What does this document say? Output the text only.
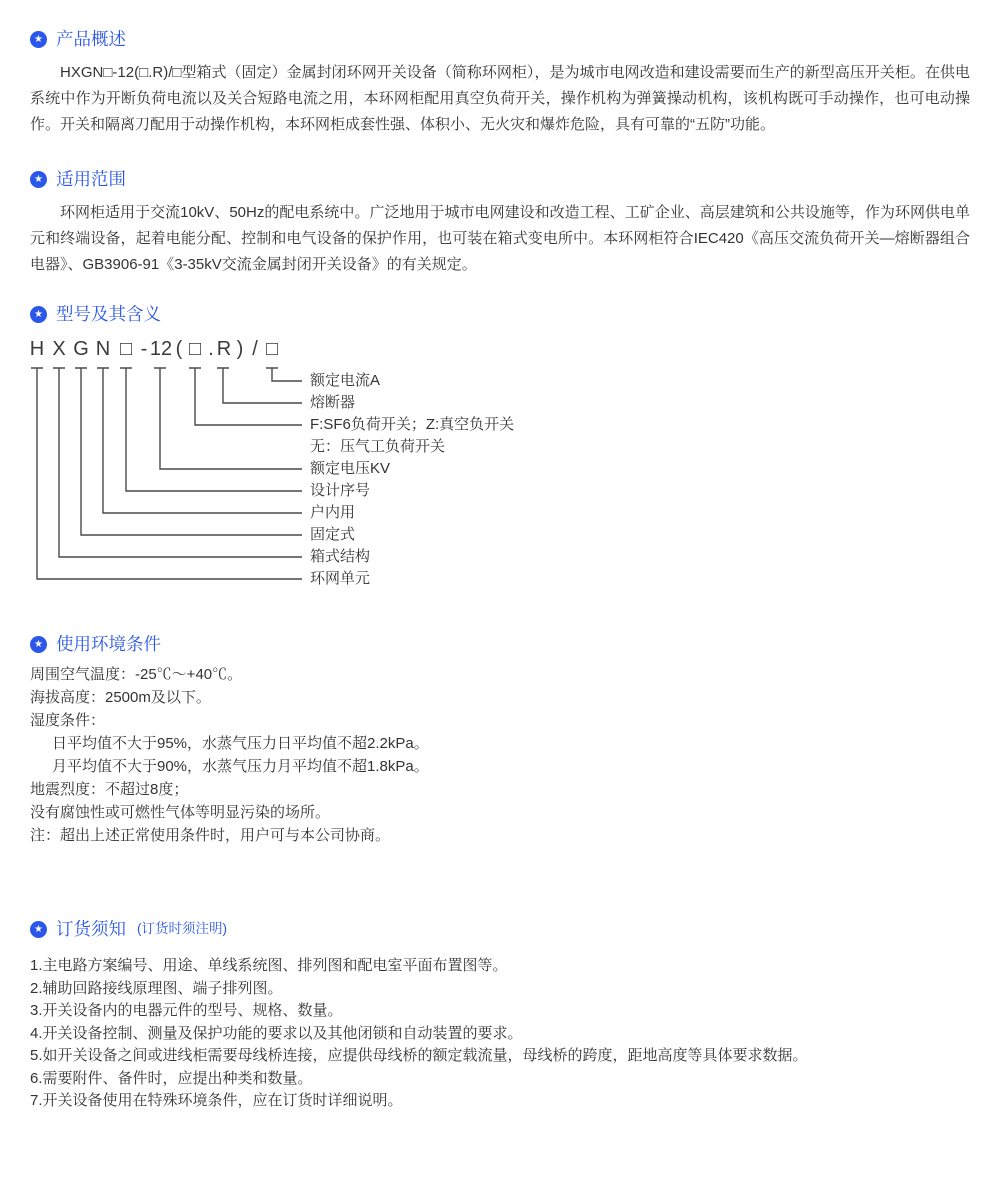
★ 产品概述

HXGN□-12(□.R)/□型箱式（固定）金属封闭环网开关设备（简称环网柜），是为城市电网改造和建设需要而生产的新型高压开关柜。在供电系统中作为开断负荷电流以及关合短路电流之用，本环网柜配用真空负荷开关，操作机构为弹簧操动机构，该机构既可手动操作，也可电动操作。开关和隔离刀配用于动操作机构，本环网柜成套性强、体积小、无火灾和爆炸危险，具有可靠的“五防”功能。

★ 适用范围

环网柜适用于交流10kV、50Hz的配电系统中。广泛地用于城市电网建设和改造工程、工矿企业、高层建筑和公共设施等，作为环网供电单元和终端设备，起着电能分配、控制和电气设备的保护作用，也可装在箱式变电所中。本环网柜符合IEC420《高压交流负荷开关—熔断器组合电器》、GB3906-91《3-35kV交流金属封闭开关设备》的有关规定。

★ 型号及其含义
H X G N □ - 12 ( □ . R ) / □
额定电流A
熔断器
F:SF6负荷开关；Z:真空负开关
无：压气工负荷开关
额定电压KV
设计序号
户内用
固定式
箱式结构
环网单元
★ 使用环境条件
周围空气温度：-25℃～+40℃。
海拔高度：2500m及以下。
湿度条件：
日平均值不大于95%，水蒸气压力日平均值不超2.2kPa。
月平均值不大于90%，水蒸气压力月平均值不超1.8kPa。
地震烈度：不超过8度；
没有腐蚀性或可燃性气体等明显污染的场所。
注：超出上述正常使用条件时，用户可与本公司协商。
★ 订货须知 (订货时须注明)
1.主电路方案编号、用途、单线系统图、排列图和配电室平面布置图等。
2.辅助回路接线原理图、端子排列图。
3.开关设备内的电器元件的型号、规格、数量。
4.开关设备控制、测量及保护功能的要求以及其他闭锁和自动装置的要求。
5.如开关设备之间或进线柜需要母线桥连接，应提供母线桥的额定载流量，母线桥的跨度，距地高度等具体要求数据。
6.需要附件、备件时，应提出种类和数量。
7.开关设备使用在特殊环境条件，应在订货时详细说明。
